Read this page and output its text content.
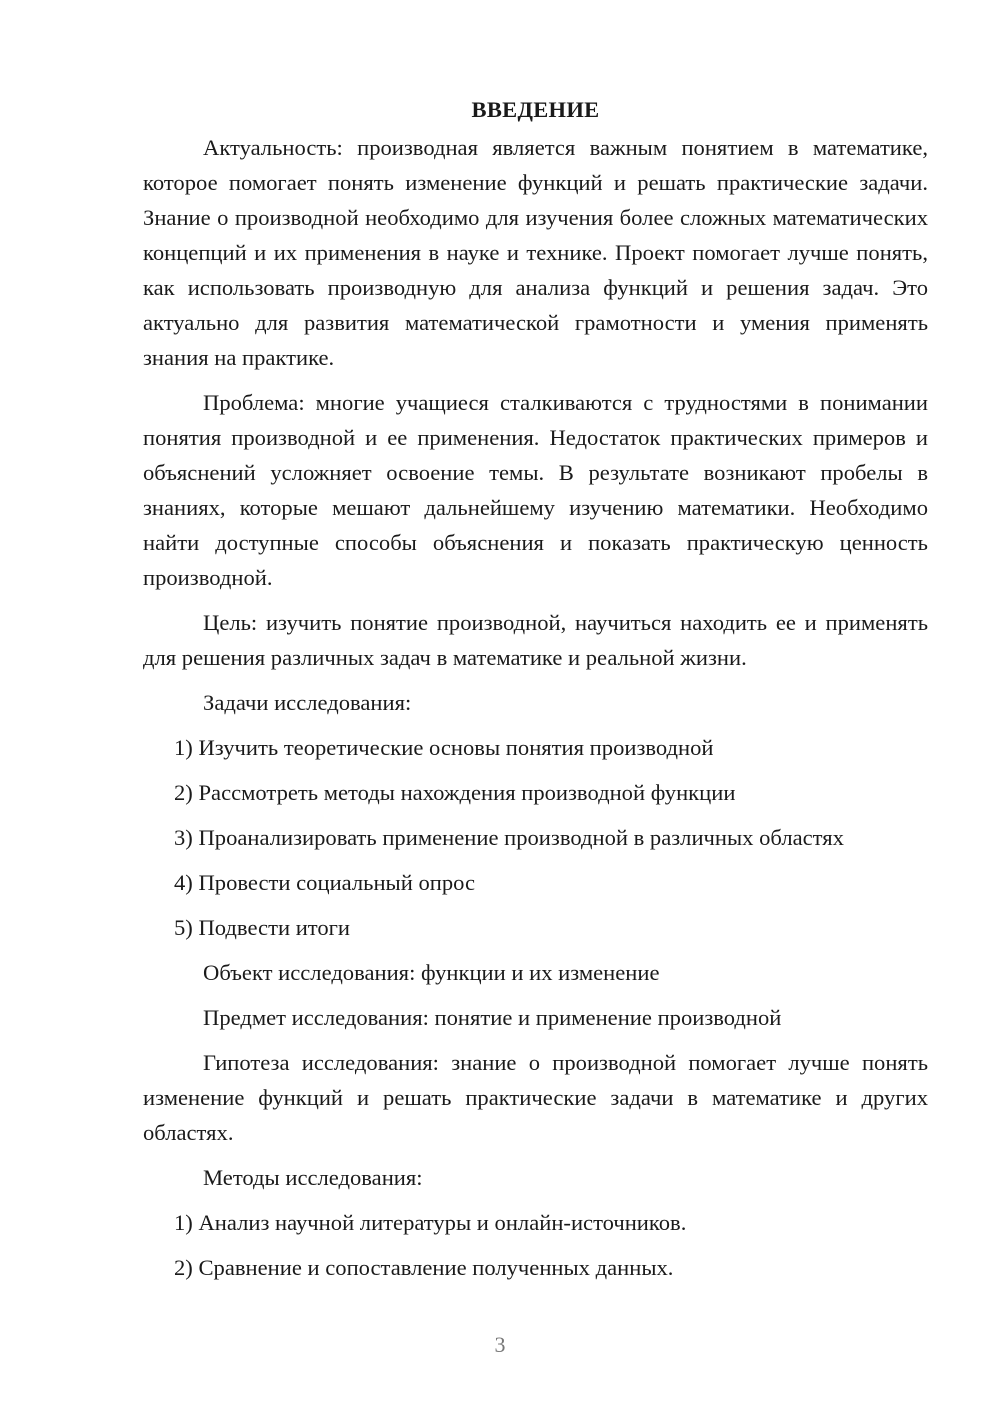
ВВЕДЕНИЕ

Актуальность: производная является важным понятием в математике, которое помогает понять изменение функций и решать практические задачи. Знание о производной необходимо для изучения более сложных математических концепций и их применения в науке и технике. Проект помогает лучше понять, как использовать производную для анализа функций и решения задач. Это актуально для развития математической грамотности и умения применять знания на практике.

Проблема: многие учащиеся сталкиваются с трудностями в понимании понятия производной и ее применения. Недостаток практических примеров и объяснений усложняет освоение темы. В результате возникают пробелы в знаниях, которые мешают дальнейшему изучению математики. Необходимо найти доступные способы объяснения и показать практическую ценность производной.

Цель: изучить понятие производной, научиться находить ее и применять для решения различных задач в математике и реальной жизни.

Задачи исследования:

1) Изучить теоретические основы понятия производной

2) Рассмотреть методы нахождения производной функции

3) Проанализировать применение производной в различных областях

4) Провести социальный опрос

5) Подвести итоги

Объект исследования: функции и их изменение

Предмет исследования: понятие и применение производной

Гипотеза исследования: знание о производной помогает лучше понять изменение функций и решать практические задачи в математике и других областях.

Методы исследования:

1) Анализ научной литературы и онлайн-источников.

2) Сравнение и сопоставление полученных данных.

3
